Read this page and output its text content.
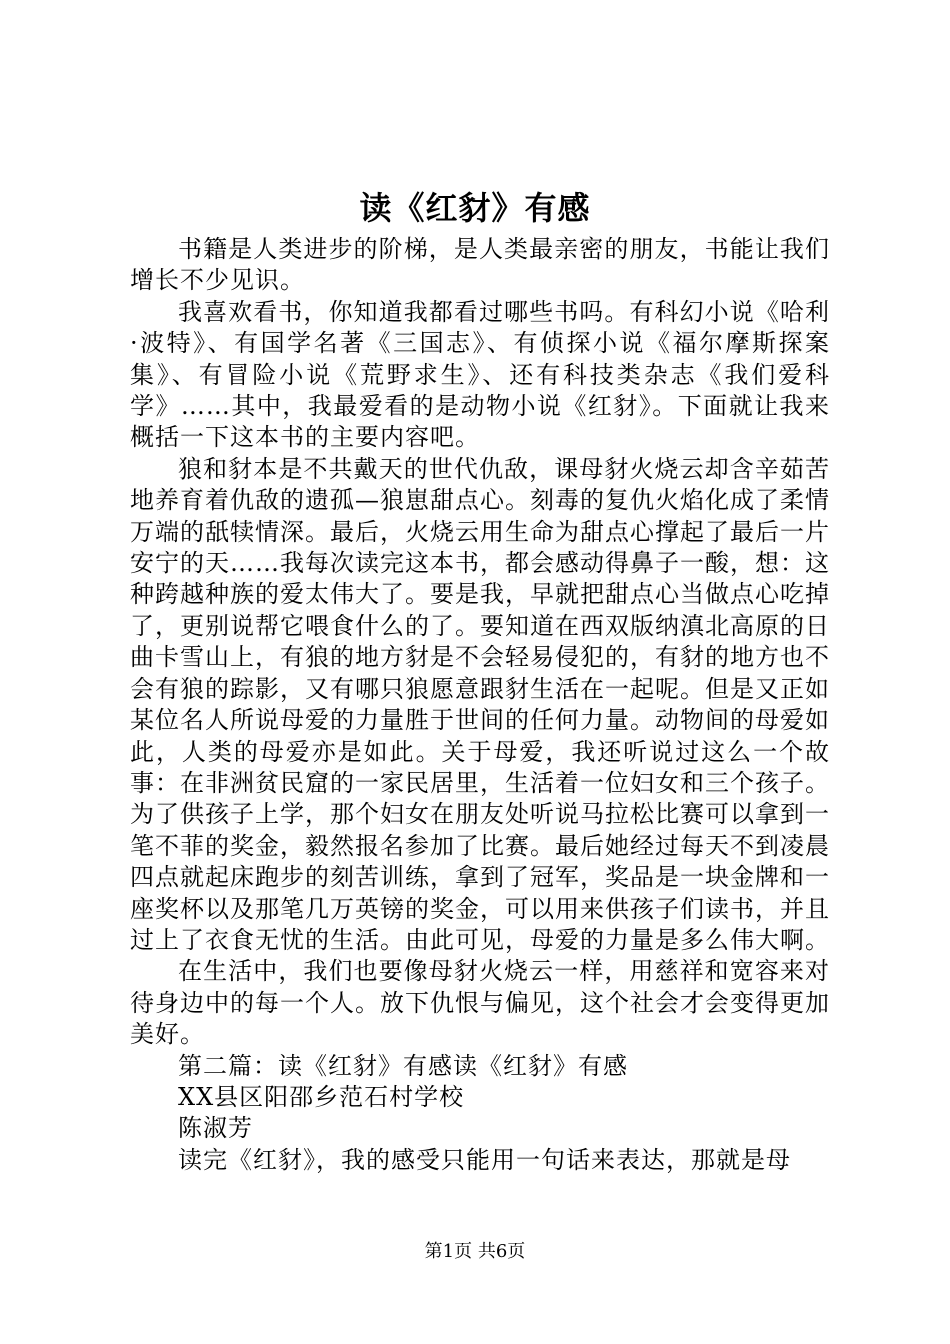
读《红豺》有感

书籍是人类进步的阶梯，是人类最亲密的朋友，书能让我们增长不少见识。

我喜欢看书，你知道我都看过哪些书吗。有科幻小说《哈利·波特》、有国学名著《三国志》、有侦探小说《福尔摩斯探案集》、有冒险小说《荒野求生》、还有科技类杂志《我们爱科学》……其中，我最爱看的是动物小说《红豺》。下面就让我来概括一下这本书的主要内容吧。

狼和豺本是不共戴天的世代仇敌，课母豺火烧云却含辛茹苦地养育着仇敌的遗孤—狼崽甜点心。刻毒的复仇火焰化成了柔情万端的舐犊情深。最后，火烧云用生命为甜点心撑起了最后一片安宁的天……我每次读完这本书，都会感动得鼻子一酸，想：这种跨越种族的爱太伟大了。要是我，早就把甜点心当做点心吃掉了，更别说帮它喂食什么的了。要知道在西双版纳滇北高原的日曲卡雪山上，有狼的地方豺是不会轻易侵犯的，有豺的地方也不会有狼的踪影，又有哪只狼愿意跟豺生活在一起呢。但是又正如某位名人所说母爱的力量胜于世间的任何力量。动物间的母爱如此，人类的母爱亦是如此。关于母爱，我还听说过这么一个故事：在非洲贫民窟的一家民居里，生活着一位妇女和三个孩子。为了供孩子上学，那个妇女在朋友处听说马拉松比赛可以拿到一笔不菲的奖金，毅然报名参加了比赛。最后她经过每天不到凌晨四点就起床跑步的刻苦训练，拿到了冠军，奖品是一块金牌和一座奖杯以及那笔几万英镑的奖金，可以用来供孩子们读书，并且过上了衣食无忧的生活。由此可见，母爱的力量是多么伟大啊。

在生活中，我们也要像母豺火烧云一样，用慈祥和宽容来对待身边中的每一个人。放下仇恨与偏见，这个社会才会变得更加美好。

第二篇：读《红豺》有感读《红豺》有感

XX县区阳邵乡范石村学校

陈淑芳

读完《红豺》，我的感受只能用一句话来表达，那就是母

第1页 共6页
